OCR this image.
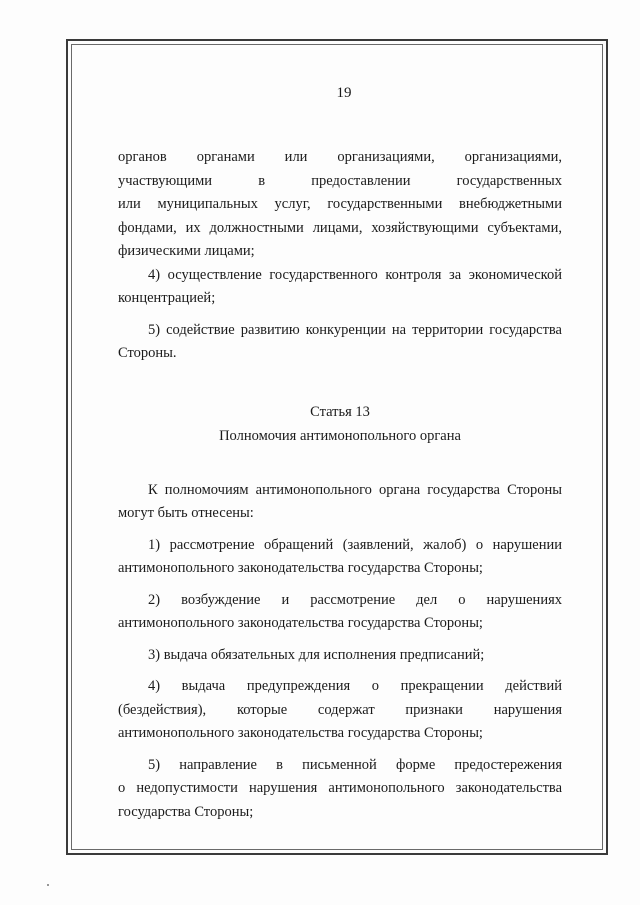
19
органов органами или организациями, организациями,
участвующими в предоставлении государственных
или муниципальных услуг, государственными внебюджетными
фондами, их должностными лицами, хозяйствующими субъектами,
физическими лицами;
4) осуществление государственного контроля за экономической
концентрацией;
5) содействие развитию конкуренции на территории государства
Стороны.
Статья 13
Полномочия антимонопольного органа
К полномочиям антимонопольного органа государства Стороны
могут быть отнесены:
1) рассмотрение обращений (заявлений, жалоб) о нарушении
антимонопольного законодательства государства Стороны;
2) возбуждение и рассмотрение дел о нарушениях
антимонопольного законодательства государства Стороны;
3) выдача обязательных для исполнения предписаний;
4) выдача предупреждения о прекращении действий
(бездействия), которые содержат признаки нарушения
антимонопольного законодательства государства Стороны;
5) направление в письменной форме предостережения
о недопустимости нарушения антимонопольного законодательства
государства Стороны;
